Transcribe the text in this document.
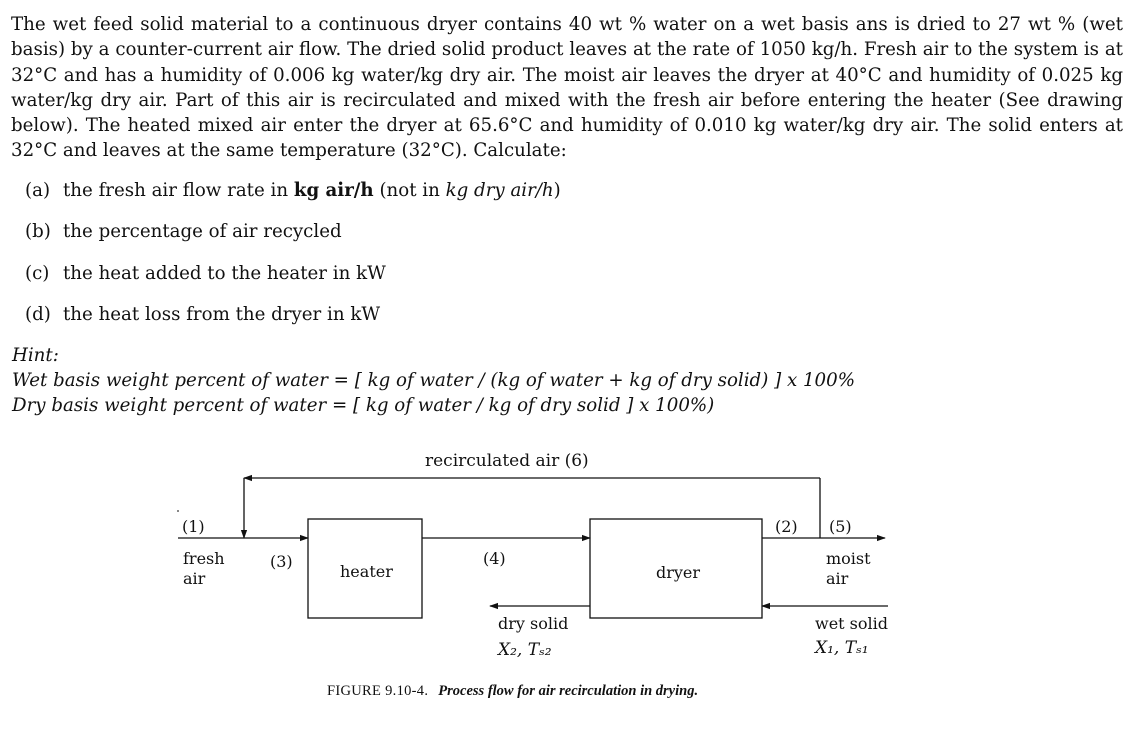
The wet feed solid material to a continuous dryer contains 40 wt % water on a wet basis ans is dried to 27 wt % (wet basis) by a counter-current air flow. The dried solid product leaves at the rate of 1050 kg/h. Fresh air to the system is at 32°C and has a humidity of 0.006 kg water/kg dry air. The moist air leaves the dryer at 40°C and humidity of 0.025 kg water/kg dry air. Part of this air is recirculated and mixed with the fresh air before entering the heater (See drawing below). The heated mixed air enter the dryer at 65.6°C and humidity of 0.010 kg water/kg dry air. The solid enters at 32°C and leaves at the same temperature (32°C). Calculate:
(a) the fresh air flow rate in kg air/h (not in kg dry air/h)
(b) the percentage of air recycled
(c) the heat added to the heater in kW
(d) the heat loss from the dryer in kW
Hint:
Wet basis weight percent of water = [ kg of water / (kg of water + kg of dry solid) ] x 100%
Dry basis weight percent of water = [ kg of water / kg of dry solid ] x 100%)
recirculated air (6)
(1)
fresh
air
(3)
heater
(4)
dryer
(2) (5)
moist
air
dry solid
X₂, Tₛ₂
wet solid
X₁, Tₛ₁
FIGURE 9.10-4. Process flow for air recirculation in drying.
